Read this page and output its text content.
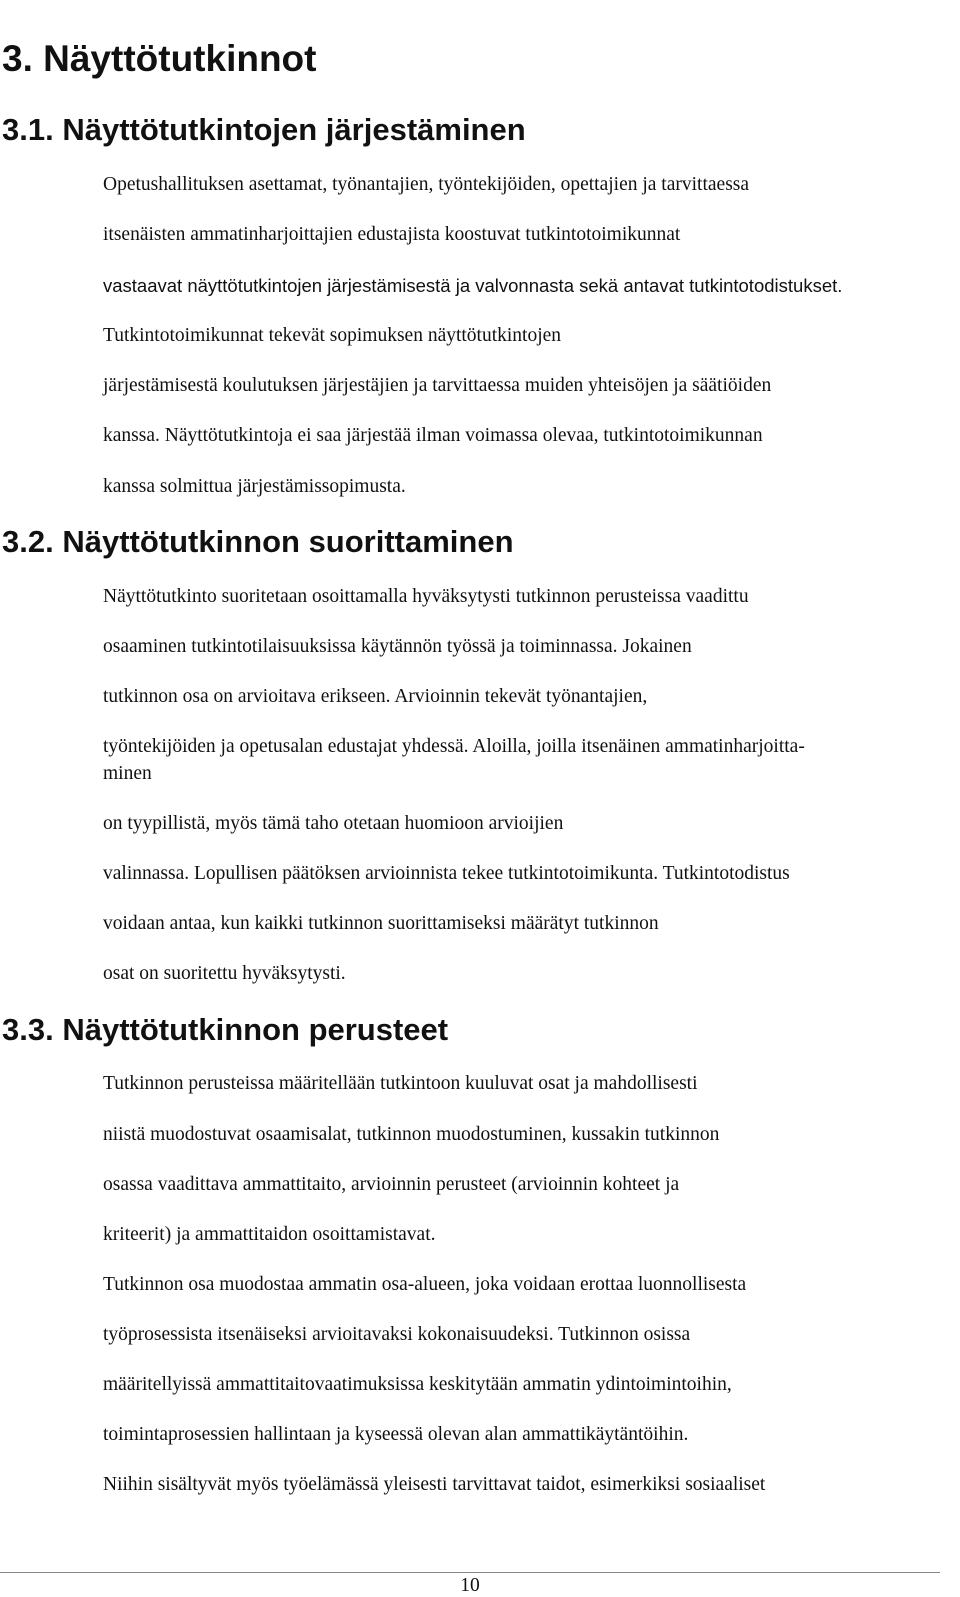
3. Näyttötutkinnot
3.1. Näyttötutkintojen järjestäminen

Opetushallituksen asettamat, työnantajien, työntekijöiden, opettajien ja tarvittaessa

itsenäisten ammatinharjoittajien edustajista koostuvat tutkintotoimikunnat

vastaavat näyttötutkintojen järjestämisestä ja valvonnasta sekä antavat tutkintotodistukset.

Tutkintotoimikunnat tekevät sopimuksen näyttötutkintojen

järjestämisestä koulutuksen järjestäjien ja tarvittaessa muiden yhteisöjen ja säätiöiden

kanssa. Näyttötutkintoja ei saa järjestää ilman voimassa olevaa, tutkintotoimikunnan

kanssa solmittua järjestämissopimusta.

3.2. Näyttötutkinnon suorittaminen

Näyttötutkinto suoritetaan osoittamalla hyväksytysti tutkinnon perusteissa vaadittu

osaaminen tutkintotilaisuuksissa käytännön työssä ja toiminnassa. Jokainen

tutkinnon osa on arvioitava erikseen. Arvioinnin tekevät työnantajien,

työntekijöiden ja opetusalan edustajat yhdessä. Aloilla, joilla itsenäinen ammatinharjoitta-

minen

on tyypillistä, myös tämä taho otetaan huomioon arvioijien

valinnassa. Lopullisen päätöksen arvioinnista tekee tutkintotoimikunta. Tutkintotodistus

voidaan antaa, kun kaikki tutkinnon suorittamiseksi määrätyt tutkinnon

osat on suoritettu hyväksytysti.

3.3. Näyttötutkinnon perusteet

Tutkinnon perusteissa määritellään tutkintoon kuuluvat osat ja mahdollisesti

niistä muodostuvat osaamisalat, tutkinnon muodostuminen, kussakin tutkinnon

osassa vaadittava ammattitaito, arvioinnin perusteet (arvioinnin kohteet ja

kriteerit) ja ammattitaidon osoittamistavat.

Tutkinnon osa muodostaa ammatin osa-alueen, joka voidaan erottaa luonnollisesta

työprosessista itsenäiseksi arvioitavaksi kokonaisuudeksi. Tutkinnon osissa

määritellyissä ammattitaitovaatimuksissa keskitytään ammatin ydintoimintoihin,

toimintaprosessien hallintaan ja kyseessä olevan alan ammattikäytäntöihin.

Niihin sisältyvät myös työelämässä yleisesti tarvittavat taidot, esimerkiksi sosiaaliset

10
